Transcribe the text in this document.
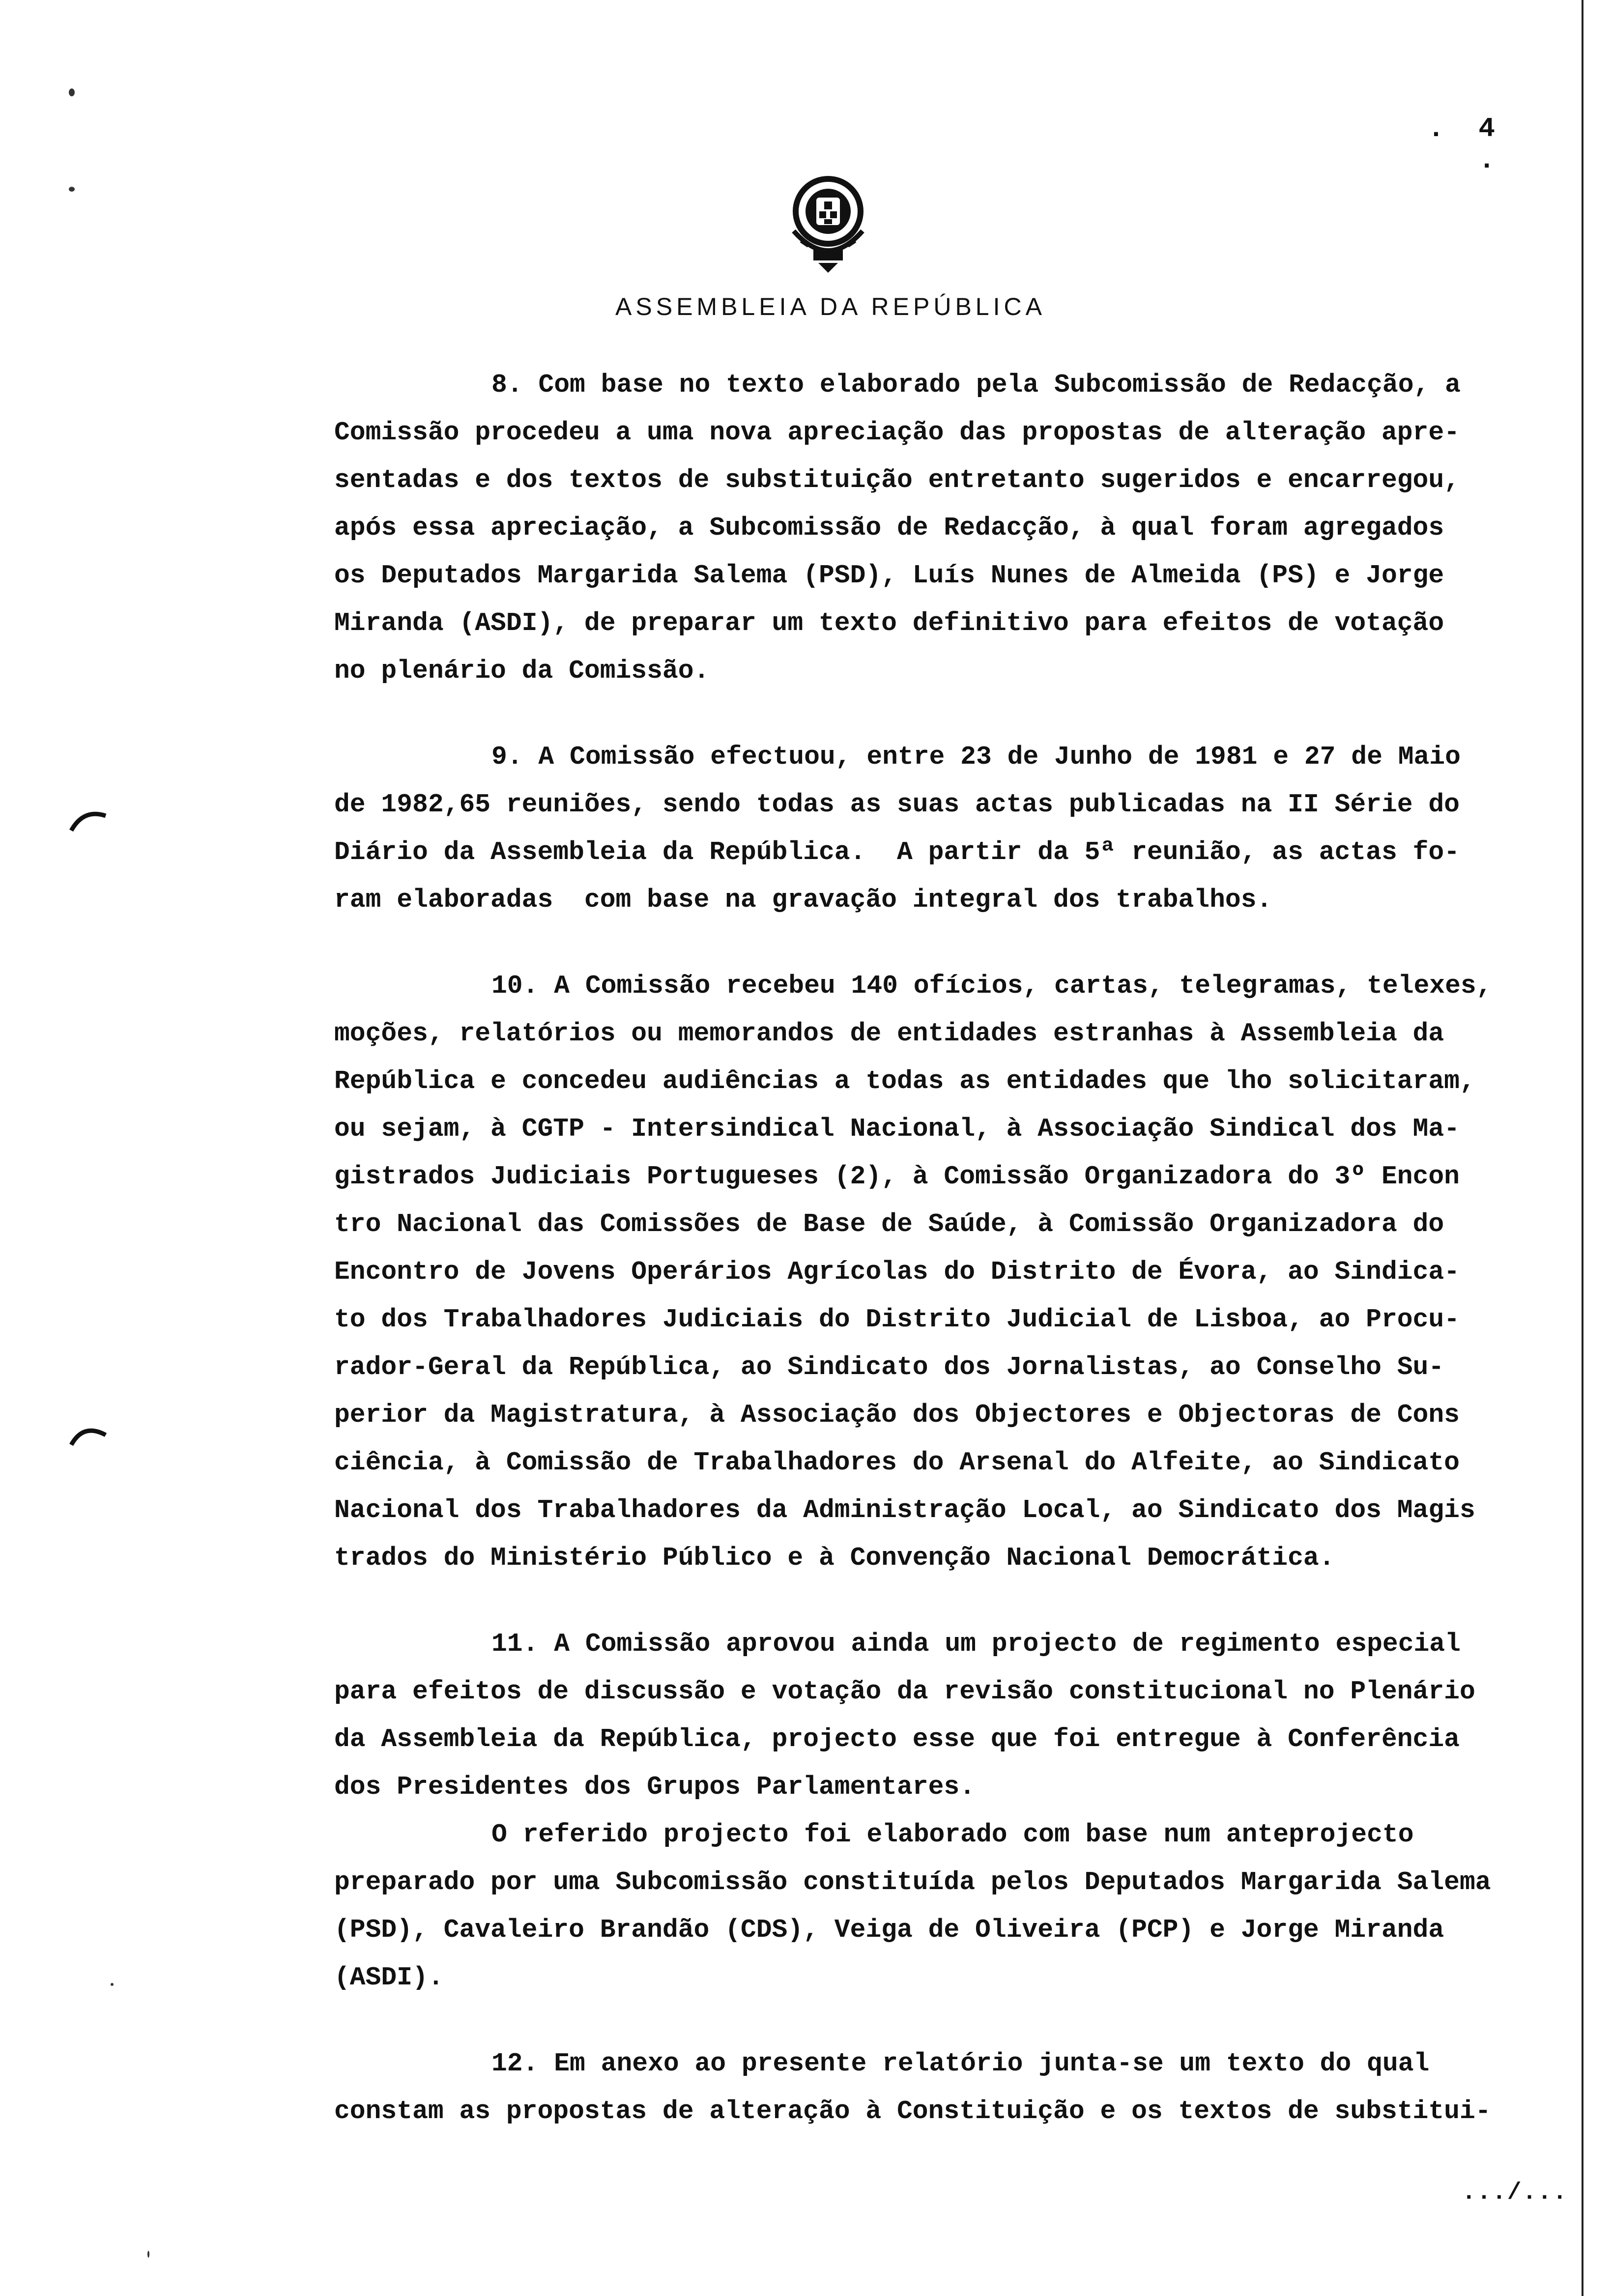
. 4 .
ASSEMBLEIA DA REPÚBLICA

8. Com base no texto elaborado pela Subcomissão de Redacção, a
Comissão procedeu a uma nova apreciação das propostas de alteração apre-
sentadas e dos textos de substituição entretanto sugeridos e encarregou,
após essa apreciação, a Subcomissão de Redacção, à qual foram agregados
os Deputados Margarida Salema (PSD), Luís Nunes de Almeida (PS) e Jorge
Miranda (ASDI), de preparar um texto definitivo para efeitos de votação
no plenário da Comissão.

9. A Comissão efectuou, entre 23 de Junho de 1981 e 27 de Maio
de 1982,65 reuniões, sendo todas as suas actas publicadas na II Série do
Diário da Assembleia da República.  A partir da 5ª reunião, as actas fo-
ram elaboradas  com base na gravação integral dos trabalhos.

10. A Comissão recebeu 140 ofícios, cartas, telegramas, telexes,
moções, relatórios ou memorandos de entidades estranhas à Assembleia da
República e concedeu audiências a todas as entidades que lho solicitaram,
ou sejam, à CGTP - Intersindical Nacional, à Associação Sindical dos Ma-
gistrados Judiciais Portugueses (2), à Comissão Organizadora do 3º Encon
tro Nacional das Comissões de Base de Saúde, à Comissão Organizadora do
Encontro de Jovens Operários Agrícolas do Distrito de Évora, ao Sindica-
to dos Trabalhadores Judiciais do Distrito Judicial de Lisboa, ao Procu-
rador-Geral da República, ao Sindicato dos Jornalistas, ao Conselho Su-
perior da Magistratura, à Associação dos Objectores e Objectoras de Cons
ciência, à Comissão de Trabalhadores do Arsenal do Alfeite, ao Sindicato
Nacional dos Trabalhadores da Administração Local, ao Sindicato dos Magis
trados do Ministério Público e à Convenção Nacional Democrática.

11. A Comissão aprovou ainda um projecto de regimento especial
para efeitos de discussão e votação da revisão constitucional no Plenário
da Assembleia da República, projecto esse que foi entregue à Conferência
dos Presidentes dos Grupos Parlamentares.

O referido projecto foi elaborado com base num anteprojecto
preparado por uma Subcomissão constituída pelos Deputados Margarida Salema
(PSD), Cavaleiro Brandão (CDS), Veiga de Oliveira (PCP) e Jorge Miranda
(ASDI).

12. Em anexo ao presente relatório junta-se um texto do qual
constam as propostas de alteração à Constituição e os textos de substitui-

.../...
